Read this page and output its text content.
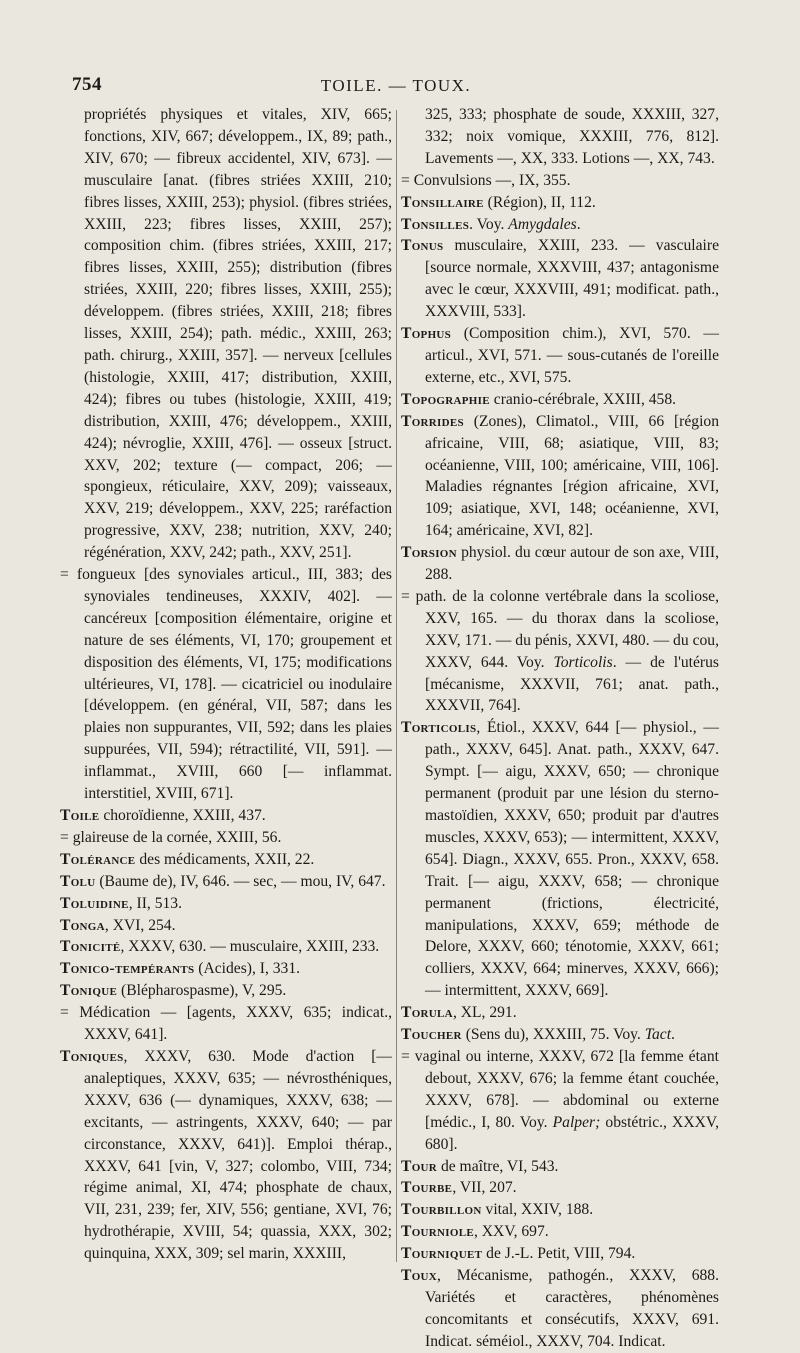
754	TOILE. — TOUX.

propriétés physiques et vitales, XIV, 665; fonctions, XIV, 667; développem., IX, 89; path., XIV, 670; — fibreux accidentel, XIV, 673]. — musculaire [anat. (fibres striées XXIII, 210; fibres lisses, XXIII, 253); physiol. (fibres striées, XXIII, 223; fibres lisses, XXIII, 257); composition chim. (fibres striées, XXIII, 217; fibres lisses, XXIII, 255); distribution (fibres striées, XXIII, 220; fibres lisses, XXIII, 255); développem. (fibres striées, XXIII, 218; fibres lisses, XXIII, 254); path. médic., XXIII, 263; path. chirurg., XXIII, 357]. — nerveux [cellules (histologie, XXIII, 417; distribution, XXIII, 424); fibres ou tubes (histologie, XXIII, 419; distribution, XXIII, 476; développem., XXIII, 424); névroglie, XXIII, 476]. — osseux [struct. XXV, 202; texture (— compact, 206; — spongieux, réticulaire, XXV, 209); vaisseaux, XXV, 219; développem., XXV, 225; raréfaction progressive, XXV, 238; nutrition, XXV, 240; régénération, XXV, 242; path., XXV, 251].

= fongueux [des synoviales articul., III, 383; des synoviales tendineuses, XXXIV, 402]. — cancéreux [composition élémentaire, origine et nature de ses éléments, VI, 170; groupement et disposition des éléments, VI, 175; modifications ultérieures, VI, 178]. — cicatriciel ou inodulaire [développem. (en général, VII, 587; dans les plaies non suppurantes, VII, 592; dans les plaies suppurées, VII, 594); rétractilité, VII, 591]. — inflammat., XVIII, 660 [— inflammat. interstitiel, XVIII, 671].

Toile choroïdienne, XXIII, 437.

= glaireuse de la cornée, XXIII, 56.

Tolérance des médicaments, XXII, 22.

Tolu (Baume de), IV, 646. — sec, — mou, IV, 647.

Toluidine, II, 513.

Tonga, XVI, 254.

Tonicité, XXXV, 630. — musculaire, XXIII, 233.

Tonico-tempérants (Acides), I, 331.

Tonique (Blépharospasme), V, 295.

= Médication — [agents, XXXV, 635; indicat., XXXV, 641].

Toniques, XXXV, 630. Mode d'action [— analeptiques, XXXV, 635; — névrosthéniques, XXXV, 636 (— dynamiques, XXXV, 638; — excitants, — astringents, XXXV, 640; — par circonstance, XXXV, 641)]. Emploi thérap., XXXV, 641 [vin, V, 327; colombo, VIII, 734; régime animal, XI, 474; phosphate de chaux, VII, 231, 239; fer, XIV, 556; gentiane, XVI, 76; hydrothérapie, XVIII, 54; quassia, XXX, 302; quinquina, XXX, 309; sel marin, XXXIII,

325, 333; phosphate de soude, XXXIII, 327, 332; noix vomique, XXXIII, 776, 812]. Lavements —, XX, 333. Lotions —, XX, 743.

= Convulsions —, IX, 355.

Tonsillaire (Région), II, 112.

Tonsilles. Voy. Amygdales.

Tonus musculaire, XXIII, 233. — vasculaire [source normale, XXXVIII, 437; antagonisme avec le cœur, XXXVIII, 491; modificat. path., XXXVIII, 533].

Tophus (Composition chim.), XVI, 570. — articul., XVI, 571. — sous-cutanés de l'oreille externe, etc., XVI, 575.

Topographie cranio-cérébrale, XXIII, 458.

Torrides (Zones), Climatol., VIII, 66 [région africaine, VIII, 68; asiatique, VIII, 83; océanienne, VIII, 100; américaine, VIII, 106]. Maladies régnantes [région africaine, XVI, 109; asiatique, XVI, 148; océanienne, XVI, 164; américaine, XVI, 82].

Torsion physiol. du cœur autour de son axe, VIII, 288.

= path. de la colonne vertébrale dans la scoliose, XXV, 165. — du thorax dans la scoliose, XXV, 171. — du pénis, XXVI, 480. — du cou, XXXV, 644. Voy. Torticolis. — de l'utérus [mécanisme, XXXVII, 761; anat. path., XXXVII, 764].

Torticolis, Étiol., XXXV, 644 [— physiol., — path., XXXV, 645]. Anat. path., XXXV, 647. Sympt. [— aigu, XXXV, 650; — chronique permanent (produit par une lésion du sterno-mastoïdien, XXXV, 650; produit par d'autres muscles, XXXV, 653); — intermittent, XXXV, 654]. Diagn., XXXV, 655. Pron., XXXV, 658. Trait. [— aigu, XXXV, 658; — chronique permanent (frictions, électricité, manipulations, XXXV, 659; méthode de Delore, XXXV, 660; ténotomie, XXXV, 661; colliers, XXXV, 664; minerves, XXXV, 666); — intermittent, XXXV, 669].

Torula, XL, 291.

Toucher (Sens du), XXXIII, 75. Voy. Tact.

= vaginal ou interne, XXXV, 672 [la femme étant debout, XXXV, 676; la femme étant couchée, XXXV, 678]. — abdominal ou externe [médic., I, 80. Voy. Palper; obstétric., XXXV, 680].

Tour de maître, VI, 543.

Tourbe, VII, 207.

Tourbillon vital, XXIV, 188.

Tourniole, XXV, 697.

Tourniquet de J.-L. Petit, VIII, 794.

Toux, Mécanisme, pathogén., XXXV, 688. Variétés et caractères, phénomènes concomitants et consécutifs, XXXV, 691. Indicat. séméiol., XXXV, 704. Indicat.
